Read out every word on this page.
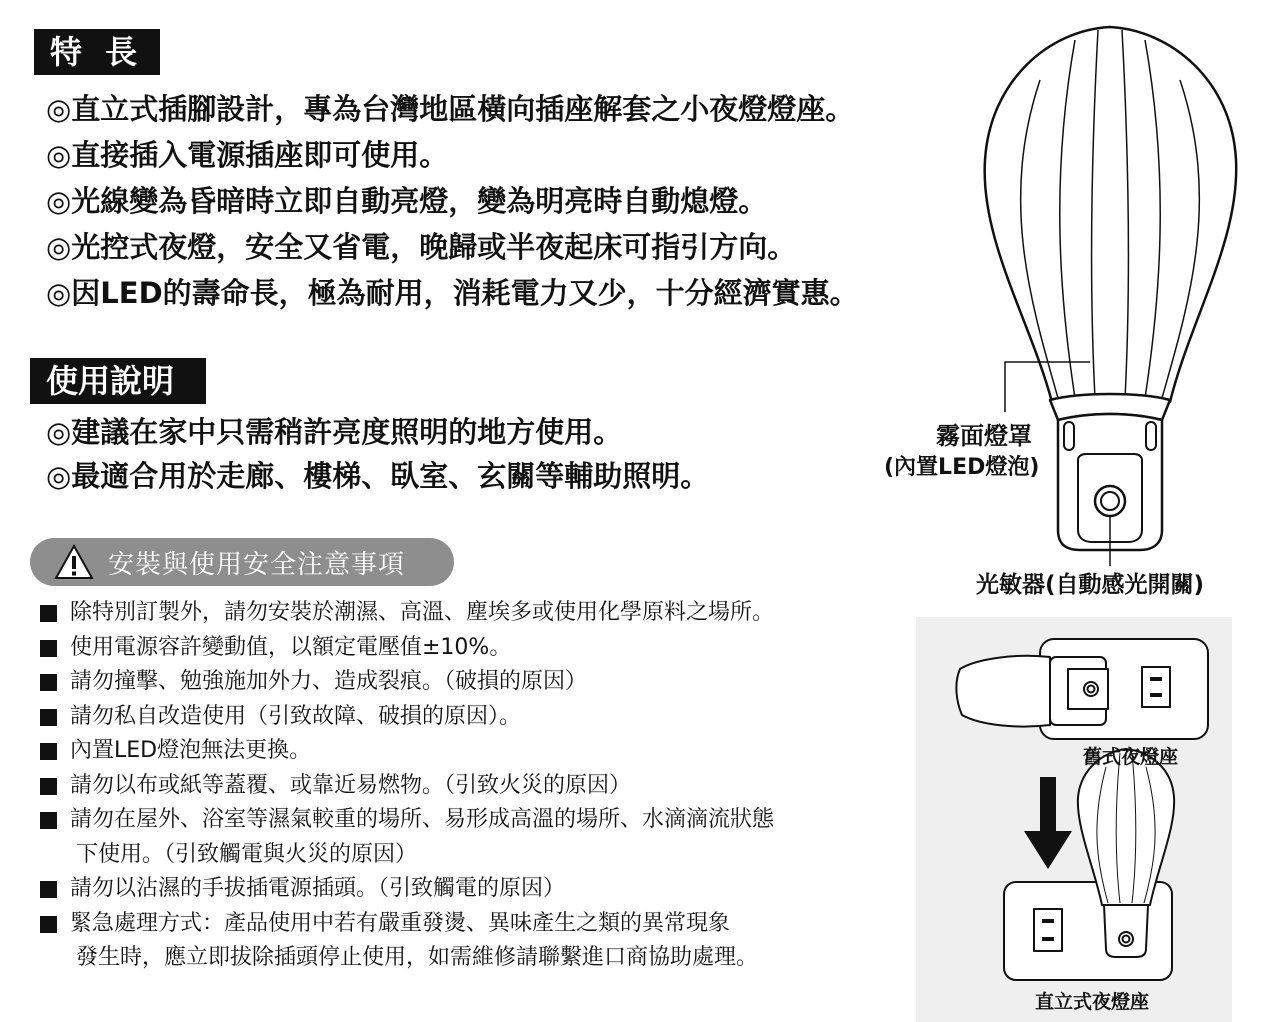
特 長
◎直立式插腳設計，專為台灣地區橫向插座解套之小夜燈燈座。
◎直接插入電源插座即可使用。
◎光線變為昏暗時立即自動亮燈，變為明亮時自動熄燈。
◎光控式夜燈，安全又省電，晚歸或半夜起床可指引方向。
◎因LED的壽命長，極為耐用，消耗電力又少，十分經濟實惠。
使用說明
◎建議在家中只需稍許亮度照明的地方使用。
◎最適合用於走廊、樓梯、臥室、玄關等輔助照明。
安裝與使用安全注意事項
除特別訂製外，請勿安裝於潮濕、高溫、塵埃多或使用化學原料之場所。
使用電源容許變動值，以額定電壓值±10%。
請勿撞擊、勉強施加外力、造成裂痕。（破損的原因）
請勿私自改造使用（引致故障、破損的原因）。
內置LED燈泡無法更換。
請勿以布或紙等蓋覆、或靠近易燃物。（引致火災的原因）
請勿在屋外、浴室等濕氣較重的場所、易形成高溫的場所、水滴滴流狀態
下使用。（引致觸電與火災的原因）
請勿以沾濕的手拔插電源插頭。（引致觸電的原因）
緊急處理方式：產品使用中若有嚴重發燙、異味產生之類的異常現象
發生時，應立即拔除插頭停止使用，如需維修請聯繫進口商協助處理。
霧面燈罩
(內置LED燈泡)
光敏器(自動感光開關)
舊式夜燈座
直立式夜燈座
